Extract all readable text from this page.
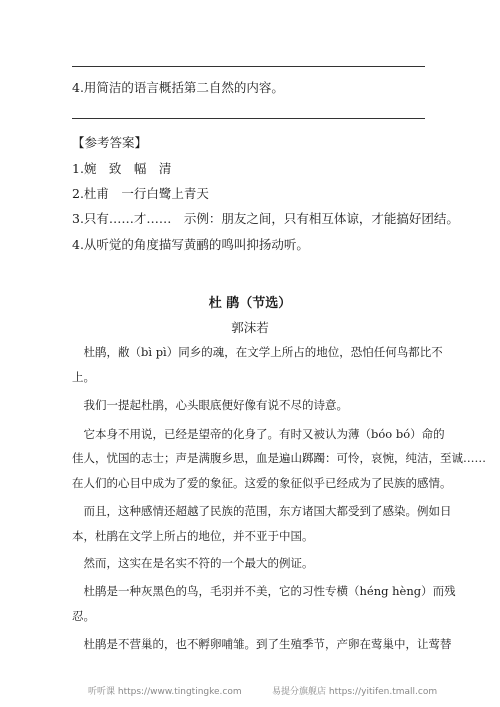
4.用简洁的语言概括第二自然的内容。
【参考答案】
1.婉　致　幅　清
2.杜甫　一行白鹭上青天
3.只有……才……　示例：朋友之间，只有相互体谅，才能搞好团结。
4.从听觉的角度描写黄鹂的鸣叫抑扬动听。
杜 鹃（节选）
郭沫若
　杜鹃，敝（bì pì）同乡的魂，在文学上所占的地位，恐怕任何鸟都比不
上。
　我们一提起杜鹃，心头眼底便好像有说不尽的诗意。
　它本身不用说，已经是望帝的化身了。有时又被认为薄（bóo bó）命的
佳人，忧国的志士；声是满腹乡思，血是遍山踯躅：可怜，哀惋，纯洁，至诚……
在人们的心目中成为了爱的象征。这爱的象征似乎已经成为了民族的感情。
　而且，这种感情还超越了民族的范围，东方诸国大都受到了感染。例如日
本，杜鹃在文学上所占的地位，并不亚于中国。
　然而，这实在是名实不符的一个最大的例证。
　杜鹃是一种灰黑色的鸟，毛羽并不美，它的习性专横（héng hèng）而残
忍。
　杜鹃是不营巢的，也不孵卵哺雏。到了生殖季节，产卵在莺巢中，让莺替
听听课 https://www.tingtingke.com	易提分旗舰店 https://yitifen.tmall.com
